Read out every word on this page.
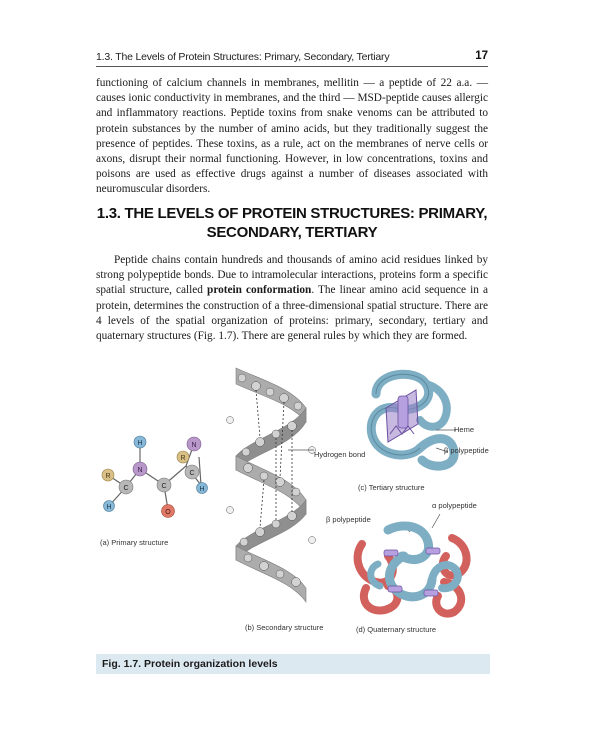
1.3. The Levels of Protein Structures: Primary, Secondary, Tertiary	17

functioning of calcium channels in membranes, mellitin — a peptide of 22 a.a. — causes ionic conductivity in membranes, and the third — MSD-peptide causes allergic and inflammatory reactions. Peptide toxins from snake venoms can be attributed to protein substances by the number of amino acids, but they traditionally suggest the presence of peptides. These toxins, as a rule, act on the membranes of nerve cells or axons, disrupt their normal functioning. However, in low concentrations, toxins and poisons are used as effective drugs against a number of diseases associated with neuromuscular disorders.

1.3. THE LEVELS OF PROTEIN STRUCTURES: PRIMARY, SECONDARY, TERTIARY

Peptide chains contain hundreds and thousands of amino acid residues linked by strong polypeptide bonds. Due to intramolecular interactions, proteins form a specific spatial structure, called protein conformation. The linear amino acid sequence in a protein, determines the construction of a three-dimensional spatial structure. There are 4 levels of the spatial organization of proteins: primary, secondary, tertiary and quaternary structures (Fig. 1.7). There are general rules by which they are formed.

H
N
R
C
H
C
O
R
N
C
H
(a) Primary structure
Hydrogen bond
(b) Secondary structure
Heme
β polypeptide
(c) Tertiary structure
α polypeptide
β polypeptide
(d) Quaternary structure
Fig. 1.7. Protein organization levels
